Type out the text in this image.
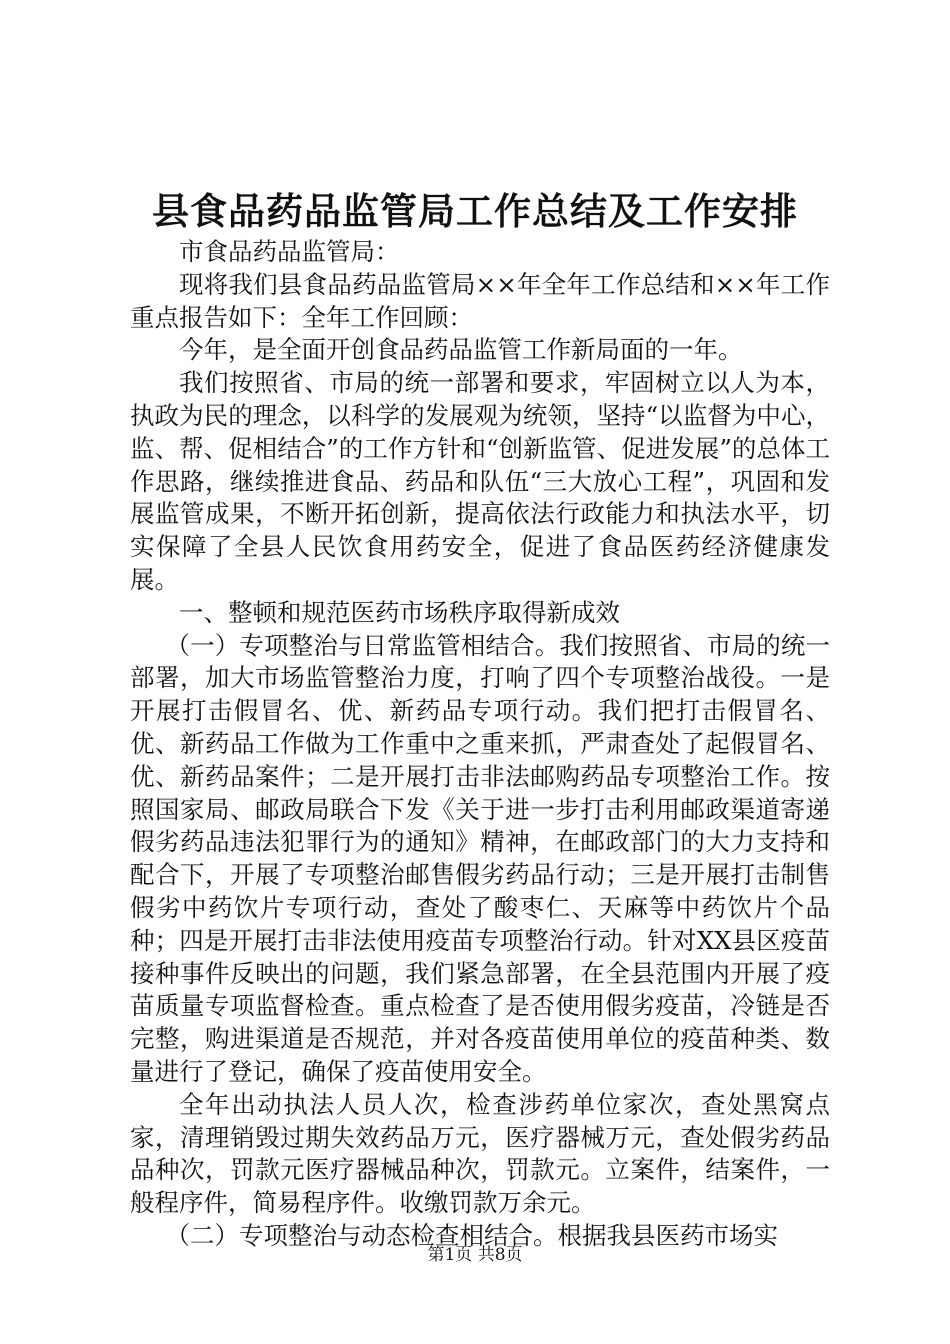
县食品药品监管局工作总结及工作安排

市食品药品监管局：

现将我们县食品药品监管局××年全年工作总结和××年工作重点报告如下：全年工作回顾：

今年，是全面开创食品药品监管工作新局面的一年。

我们按照省、市局的统一部署和要求，牢固树立以人为本，执政为民的理念，以科学的发展观为统领，坚持“以监督为中心，监、帮、促相结合”的工作方针和“创新监管、促进发展”的总体工作思路，继续推进食品、药品和队伍“三大放心工程”，巩固和发展监管成果，不断开拓创新，提高依法行政能力和执法水平，切实保障了全县人民饮食用药安全，促进了食品医药经济健康发展。

一、整顿和规范医药市场秩序取得新成效

（一）专项整治与日常监管相结合。我们按照省、市局的统一部署，加大市场监管整治力度，打响了四个专项整治战役。一是开展打击假冒名、优、新药品专项行动。我们把打击假冒名、优、新药品工作做为工作重中之重来抓，严肃查处了起假冒名、优、新药品案件；二是开展打击非法邮购药品专项整治工作。按照国家局、邮政局联合下发《关于进一步打击利用邮政渠道寄递假劣药品违法犯罪行为的通知》精神，在邮政部门的大力支持和配合下，开展了专项整治邮售假劣药品行动；三是开展打击制售假劣中药饮片专项行动，查处了酸枣仁、天麻等中药饮片个品种；四是开展打击非法使用疫苗专项整治行动。针对XX县区疫苗接种事件反映出的问题，我们紧急部署，在全县范围内开展了疫苗质量专项监督检查。重点检查了是否使用假劣疫苗，冷链是否完整，购进渠道是否规范，并对各疫苗使用单位的疫苗种类、数量进行了登记，确保了疫苗使用安全。

全年出动执法人员人次，检查涉药单位家次，查处黑窝点家，清理销毁过期失效药品万元，医疗器械万元，查处假劣药品品种次，罚款元医疗器械品种次，罚款元。立案件，结案件，一般程序件，简易程序件。收缴罚款万余元。

（二）专项整治与动态检查相结合。根据我县医药市场实

第1页 共8页
